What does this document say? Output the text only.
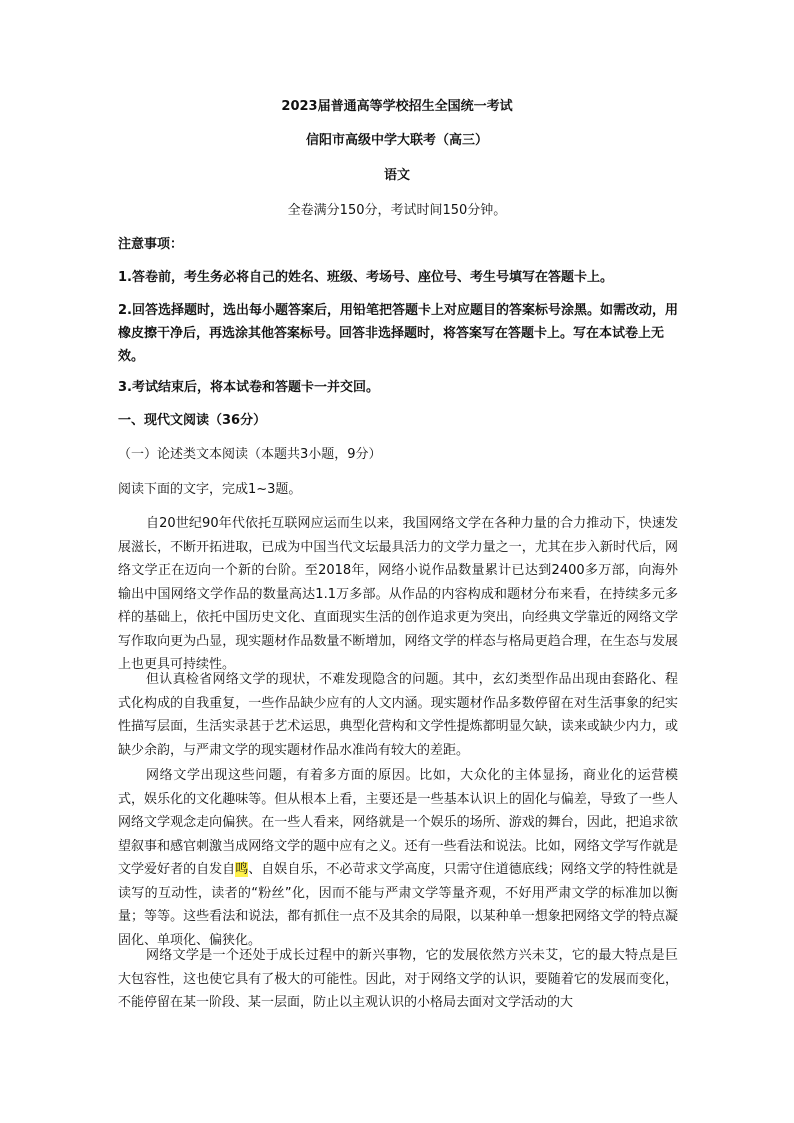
2023届普通高等学校招生全国统一考试
信阳市高级中学大联考（高三）
语文
全卷满分150分，考试时间150分钟。
注意事项：
1.答卷前，考生务必将自己的姓名、班级、考场号、座位号、考生号填写在答题卡上。
2.回答选择题时，选出每小题答案后，用铅笔把答题卡上对应题目的答案标号涂黑。如需改动，用橡皮擦干净后，再选涂其他答案标号。回答非选择题时，将答案写在答题卡上。写在本试卷上无效。
3.考试结束后，将本试卷和答题卡一并交回。
一、现代文阅读（36分）
（一）论述类文本阅读（本题共3小题，9分）
阅读下面的文字，完成1~3题。
自20世纪90年代依托互联网应运而生以来，我国网络文学在各种力量的合力推动下，快速发展滋长，不断开拓进取，已成为中国当代文坛最具活力的文学力量之一，尤其在步入新时代后，网络文学正在迈向一个新的台阶。至2018年，网络小说作品数量累计已达到2400多万部，向海外输出中国网络文学作品的数量高达1.1万多部。从作品的内容构成和题材分布来看，在持续多元多样的基础上，依托中国历史文化、直面现实生活的创作追求更为突出，向经典文学靠近的网络文学写作取向更为凸显，现实题材作品数量不断增加，网络文学的样态与格局更趋合理，在生态与发展上也更具可持续性。
但认真检省网络文学的现状，不难发现隐含的问题。其中，玄幻类型作品出现由套路化、程式化构成的自我重复，一些作品缺少应有的人文内涵。现实题材作品多数停留在对生活事象的纪实性描写层面，生活实录甚于艺术运思，典型化营构和文学性提炼都明显欠缺，读来或缺少内力，或缺少余韵，与严肃文学的现实题材作品水准尚有较大的差距。
网络文学出现这些问题，有着多方面的原因。比如，大众化的主体显扬，商业化的运营模式，娱乐化的文化趣味等。但从根本上看，主要还是一些基本认识上的固化与偏差，导致了一些人网络文学观念走向偏狭。在一些人看来，网络就是一个娱乐的场所、游戏的舞台，因此，把追求欲望叙事和感官刺激当成网络文学的题中应有之义。还有一些看法和说法。比如，网络文学写作就是文学爱好者的自发自鸣、自娱自乐，不必苛求文学高度，只需守住道德底线；网络文学的特性就是读写的互动性，读者的“粉丝”化，因而不能与严肃文学等量齐观，不好用严肃文学的标准加以衡量；等等。这些看法和说法，都有抓住一点不及其余的局限，以某种单一想象把网络文学的特点凝固化、单项化、偏狭化。
网络文学是一个还处于成长过程中的新兴事物，它的发展依然方兴未艾，它的最大特点是巨大包容性，这也使它具有了极大的可能性。因此，对于网络文学的认识，要随着它的发展而变化，不能停留在某一阶段、某一层面，防止以主观认识的小格局去面对文学活动的大
